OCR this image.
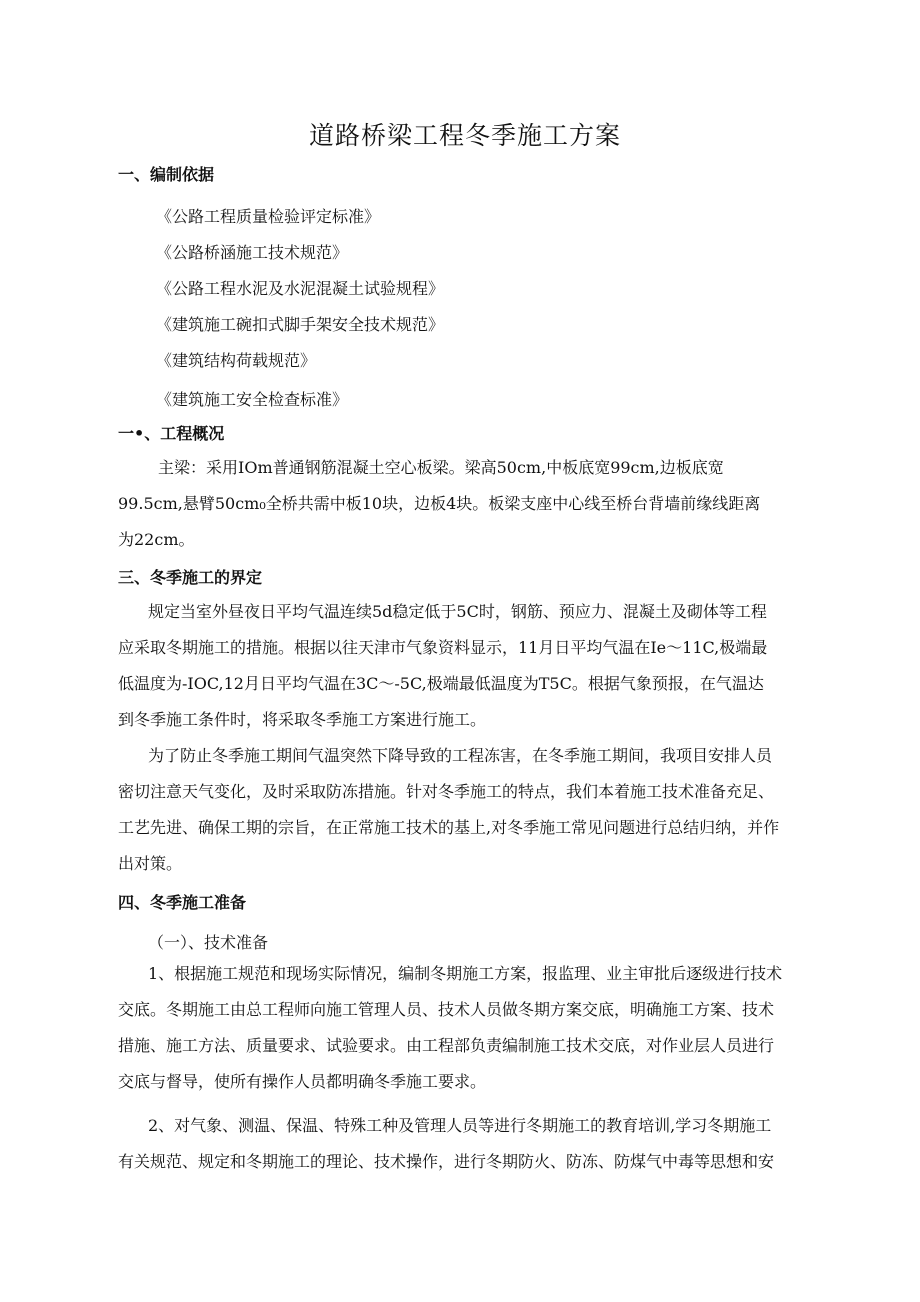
道路桥梁工程冬季施工方案
一、编制依据
《公路工程质量检验评定标准》
《公路桥涵施工技术规范》
《公路工程水泥及水泥混凝土试验规程》
《建筑施工碗扣式脚手架安全技术规范》
《建筑结构荷载规范》
《建筑施工安全检查标准》
一•、工程概况
主梁：采用IOm普通钢筋混凝土空心板梁。梁高50cm,中板底宽99cm,边板底宽
99.5cm,悬臂50cm₀全桥共需中板10块，边板4块。板梁支座中心线至桥台背墙前缘线距离
为22cm。
三、冬季施工的界定
规定当室外昼夜日平均气温连续5d稳定低于5C时，钢筋、预应力、混凝土及砌体等工程
应采取冬期施工的措施。根据以往天津市气象资料显示，11月日平均气温在Ie～11C,极端最
低温度为-IOC,12月日平均气温在3C～-5C,极端最低温度为T5C。根据气象预报，在气温达
到冬季施工条件时，将采取冬季施工方案进行施工。
为了防止冬季施工期间气温突然下降导致的工程冻害，在冬季施工期间，我项目安排人员
密切注意天气变化，及时采取防冻措施。针对冬季施工的特点，我们本着施工技术准备充足、
工艺先进、确保工期的宗旨，在正常施工技术的基上,对冬季施工常见问题进行总结归纳，并作
出对策。
四、冬季施工准备
（一）、技术准备
1、根据施工规范和现场实际情况，编制冬期施工方案，报监理、业主审批后逐级进行技术
交底。冬期施工由总工程师向施工管理人员、技术人员做冬期方案交底，明确施工方案、技术
措施、施工方法、质量要求、试验要求。由工程部负责编制施工技术交底，对作业层人员进行
交底与督导，使所有操作人员都明确冬季施工要求。
2、对气象、测温、保温、特殊工种及管理人员等进行冬期施工的教育培训,学习冬期施工
有关规范、规定和冬期施工的理论、技术操作，进行冬期防火、防冻、防煤气中毒等思想和安
